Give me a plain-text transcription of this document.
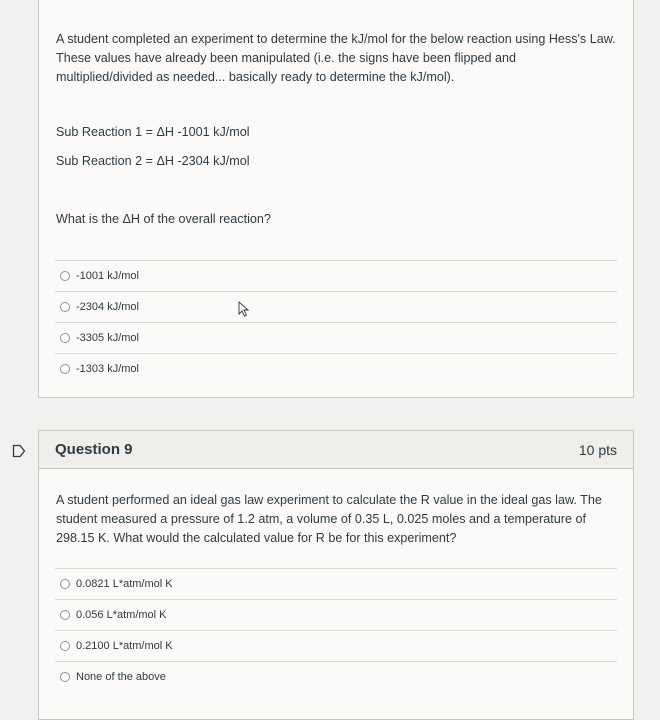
A student completed an experiment to determine the kJ/mol for the below reaction using Hess's Law. These values have already been manipulated (i.e. the signs have been flipped and multiplied/divided as needed... basically ready to determine the kJ/mol).

Sub Reaction 1 = ΔH -1001 kJ/mol

Sub Reaction 2 = ΔH -2304 kJ/mol

What is the ΔH of the overall reaction?

-1001 kJ/mol
-2304 kJ/mol
-3305 kJ/mol
-1303 kJ/mol
Question 9	10 pts

A student performed an ideal gas law experiment to calculate the R value in the ideal gas law. The student measured a pressure of 1.2 atm, a volume of 0.35 L, 0.025 moles and a temperature of 298.15 K. What would the calculated value for R be for this experiment?

0.0821 L*atm/mol K
0.056 L*atm/mol K
0.2100 L*atm/mol K
None of the above
